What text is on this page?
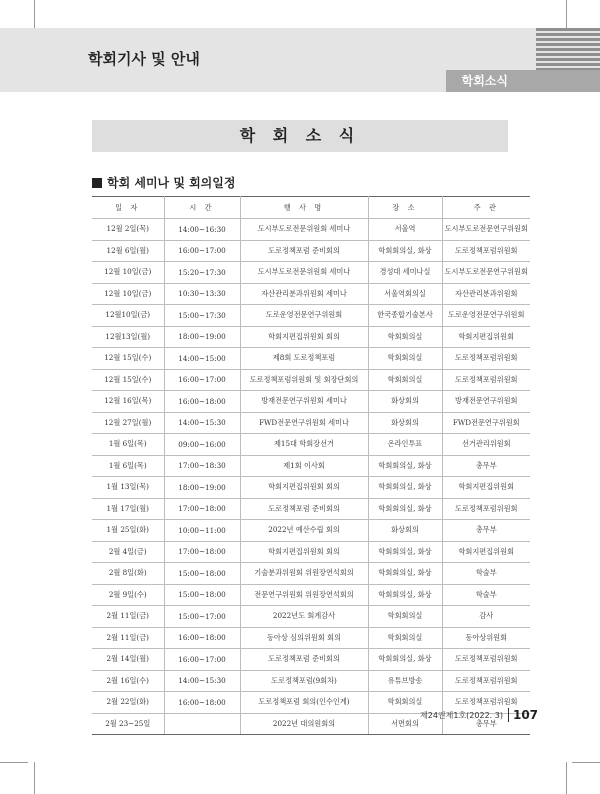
학회기사 및 안내
학회소식
학 회 소 식
학회 세미나 및 회의일정
일 자	시 간	행 사 명	장 소	주 관
12월 2일(목)	14:00~16:30	도시부도로전문위원회 세미나	서울역	도시부도로전문연구위원회
12월 6일(월)	16:00~17:00	도로정책포럼 준비회의	학회회의실, 화상	도로정책포럼위원회
12월 10일(금)	15:20~17:30	도시부도로전문위원회 세미나	경성대 세미나실	도시부도로전문연구위원회
12월 10일(금)	10:30~13:30	자산관리분과위원회 세미나	서울역회의실	자산관리분과위원회
12월10일(금)	15:00~17:30	도로운영전문연구위원회	한국종합기술본사	도로운영전문연구위원회
12월13일(월)	18:00~19:00	학회지편집위원회 회의	학회회의실	학회지편집위원회
12월 15일(수)	14:00~15:00	제8회 도로정책포럼	학회회의실	도로정책포럼위원회
12월 15일(수)	16:00~17:00	도로정책포럼위원회 및 회장단회의	학회회의실	도로정책포럼위원회
12월 16일(목)	16:00~18:00	방재전문연구위원회 세미나	화상회의	방재전문연구위원회
12월 27일(월)	14:00~15:30	FWD전문연구위원회 세미나	화상회의	FWD전문연구위원회
1월 6일(목)	09:00~16:00	제15대 학회장선거	온라인투표	선거관리위원회
1월 6일(목)	17:00~18:30	제1회 이사회	학회회의실, 화상	총무부
1월 13일(목)	18:00~19:00	학회지편집위원회 회의	학회회의실, 화상	학회지편집위원회
1월 17일(월)	17:00~18:00	도로정책포럼 준비회의	학회회의실, 화상	도로정책포럼위원회
1월 25일(화)	10:00~11:00	2022년 예산수립 회의	화상회의	총무부
2월 4일(금)	17:00~18:00	학회지편집위원회 회의	학회회의실, 화상	학회지편집위원회
2월 8일(화)	15:00~18:00	기술분과위원회 위원장연석회의	학회회의실, 화상	학술부
2월 9일(수)	15:00~18:00	전문연구위원회 위원장연석회의	학회회의실, 화상	학술부
2월 11일(금)	15:00~17:00	2022년도 회계감사	학회회의실	감사
2월 11일(금)	16:00~18:00	동아상 심의위원회 회의	학회회의실	동아상위원회
2월 14일(월)	16:00~17:00	도로정책포럼 준비회의	학회회의실, 화상	도로정책포럼위원회
2월 16일(수)	14:00~15:30	도로정책포럼(9회차)	유튜브방송	도로정책포럼위원회
2월 22일(화)	16:00~18:00	도로정책포럼 회의(인수인계)	학회회의실	도로정책포럼위원회
2월 23~25일		2022년 대의원회의	서면회의	총무부
제24권제1호(2022. 3) 107
